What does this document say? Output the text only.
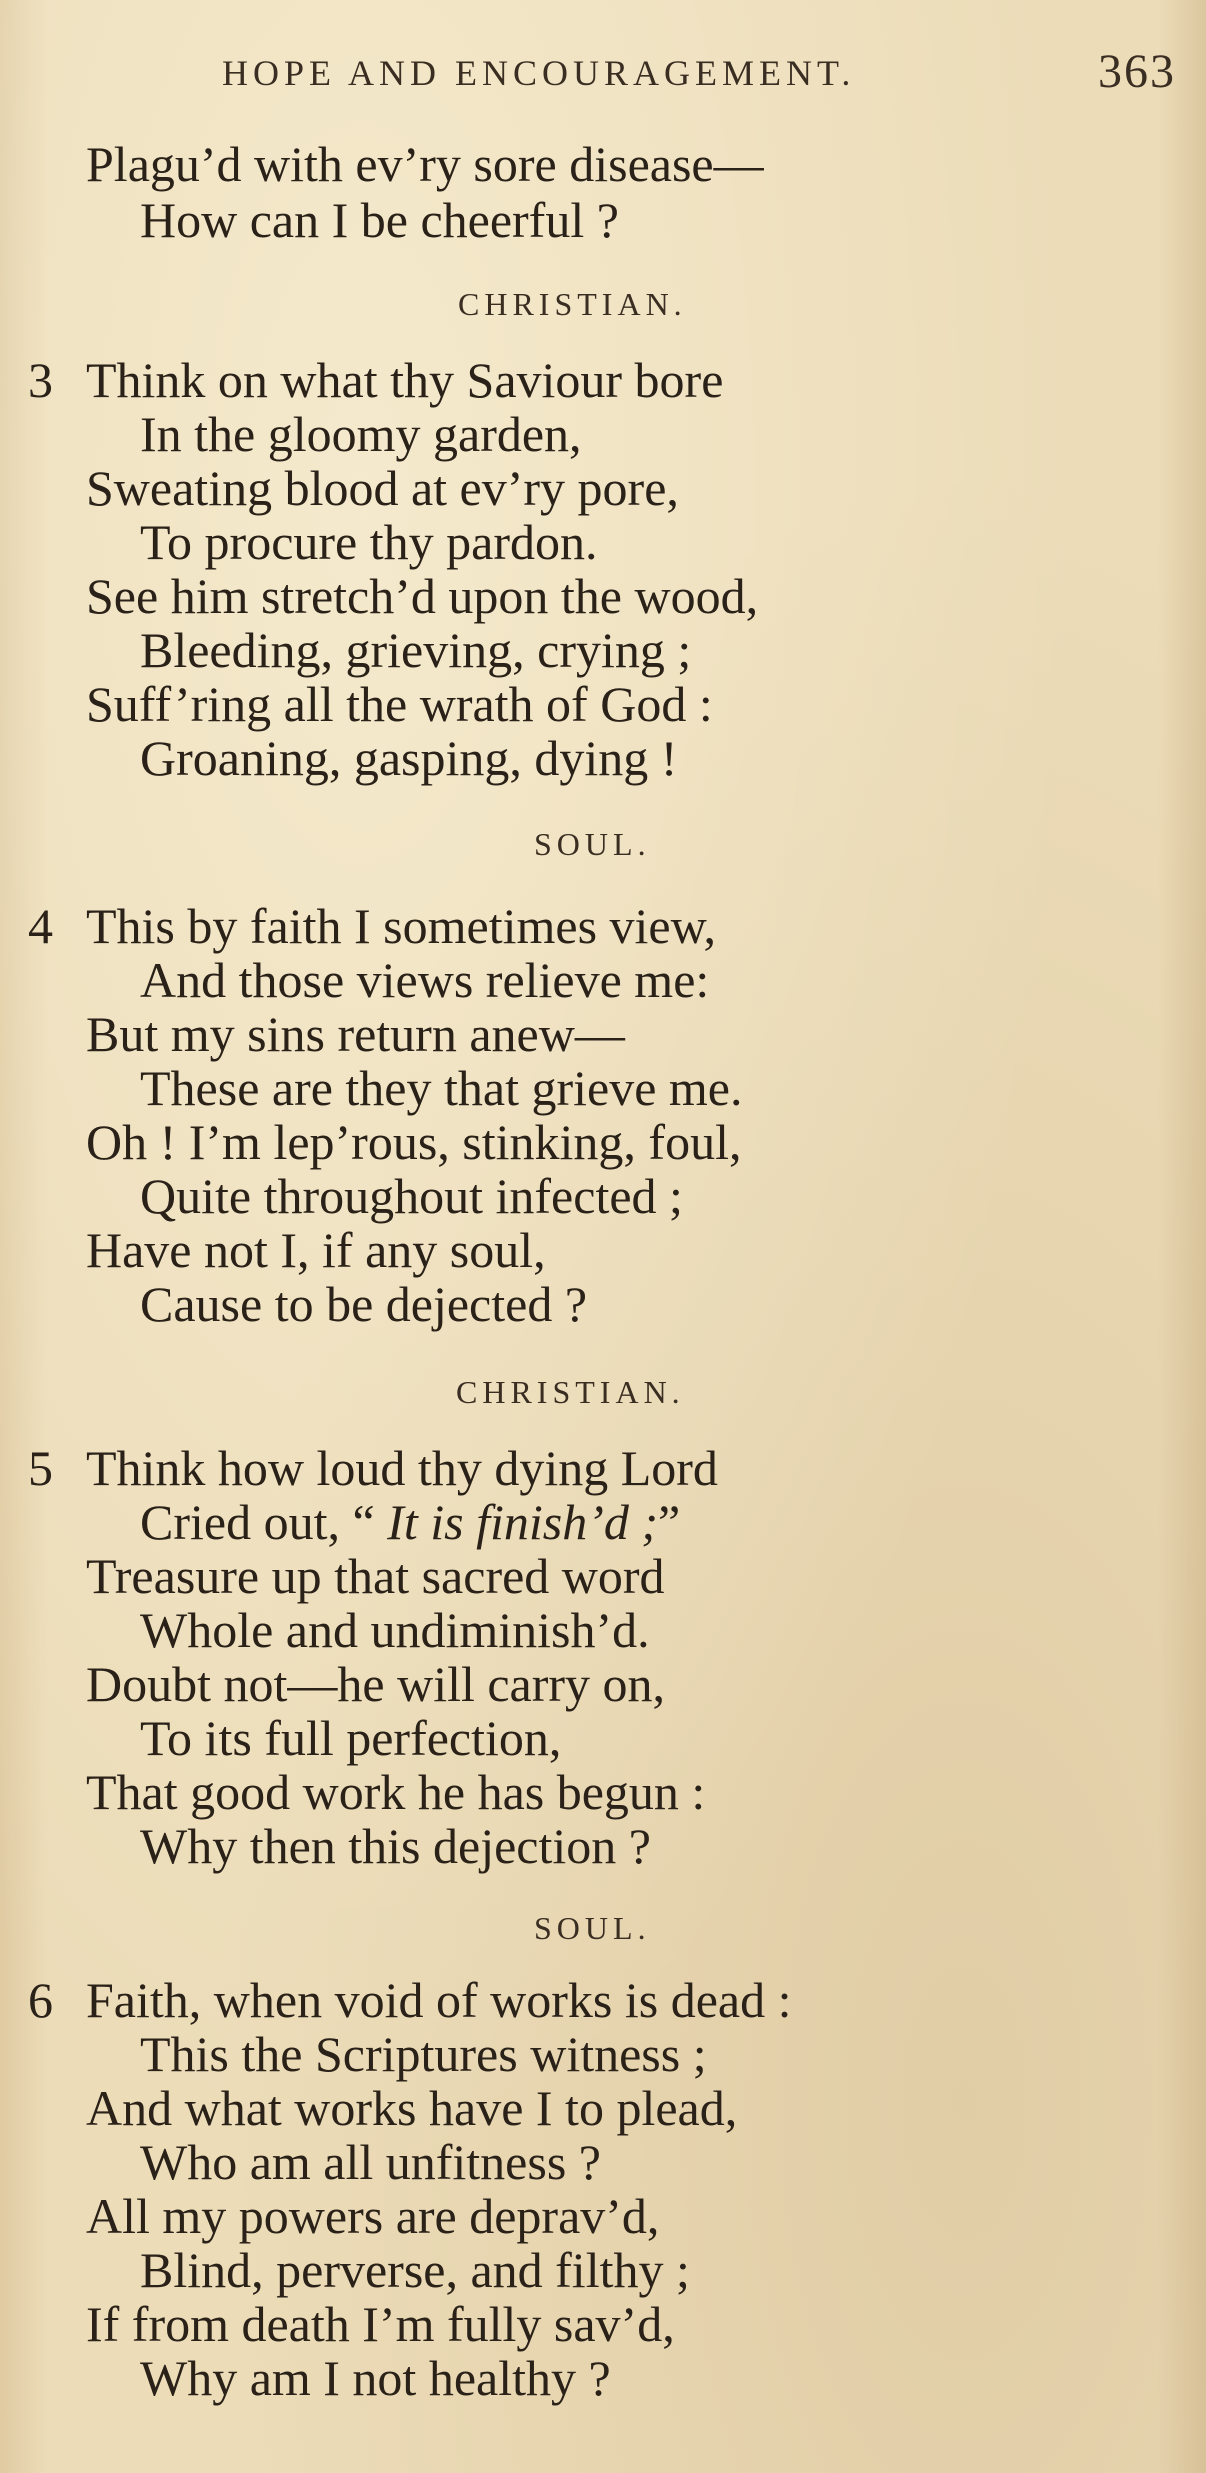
HOPE AND ENCOURAGEMENT.	363
Plagu’d with ev’ry sore disease—
How can I be cheerful ?
CHRISTIAN.
3 Think on what thy Saviour bore
In the gloomy garden,
Sweating blood at ev’ry pore,
To procure thy pardon.
See him stretch’d upon the wood,
Bleeding, grieving, crying ;
Suff’ring all the wrath of God :
Groaning, gasping, dying !
SOUL.
4 This by faith I sometimes view,
And those views relieve me:
But my sins return anew—
These are they that grieve me.
Oh ! I’m lep’rous, stinking, foul,
Quite throughout infected ;
Have not I, if any soul,
Cause to be dejected ?
CHRISTIAN.
5 Think how loud thy dying Lord
Cried out, “ It is finish’d ;”
Treasure up that sacred word
Whole and undiminish’d.
Doubt not—he will carry on,
To its full perfection,
That good work he has begun :
Why then this dejection ?
SOUL.
6 Faith, when void of works is dead :
This the Scriptures witness ;
And what works have I to plead,
Who am all unfitness ?
All my powers are deprav’d,
Blind, perverse, and filthy ;
If from death I’m fully sav’d,
Why am I not healthy ?
